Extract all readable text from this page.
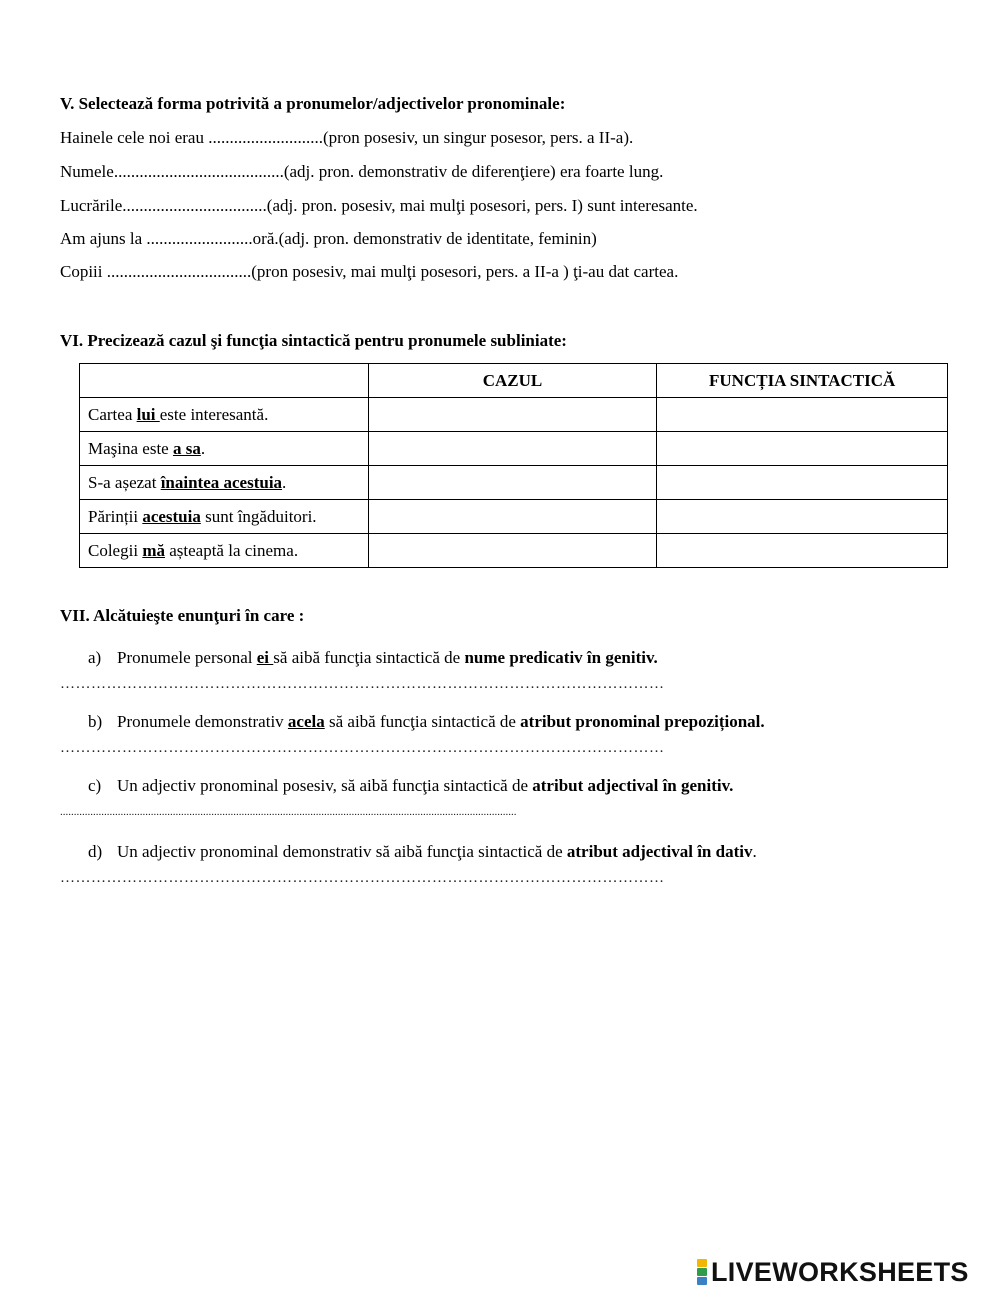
V. Selectează forma potrivită a pronumelor/adjectivelor pronominale:
Hainele cele noi erau ...........................(pron posesiv, un singur posesor, pers. a II-a).
Numele........................................(adj. pron. demonstrativ de diferenţiere) era foarte lung.
Lucrările..................................(adj. pron. posesiv, mai mulţi posesori, pers. I) sunt interesante.
Am ajuns la .........................oră.(adj. pron. demonstrativ de identitate, feminin)
Copiii ..................................(pron posesiv, mai mulţi posesori, pers. a II-a ) ţi-au dat cartea.
VI. Precizează cazul şi funcţia sintactică pentru pronumele subliniate:
	CAZUL	FUNCȚIA SINTACTICĂ
Cartea lui este interesantă.		
Maşina este a sa.		
S-a așezat înaintea acestuia.		
Părinții acestuia sunt îngăduitori.		
Colegii mă așteaptă la cinema.		
VII. Alcătuieşte enunţuri în care :
a) Pronumele personal ei să aibă funcţia sintactică de nume predicativ în genitiv.
………………………………………………………………………………………………………
b) Pronumele demonstrativ acela să aibă funcţia sintactică de atribut pronominal prepozițional.
………………………………………………………………………………………………………
c) Un adjectiv pronominal posesiv, să aibă funcţia sintactică de atribut adjectival în genitiv.
......................................................................................................................................................................
d) Un adjectiv pronominal demonstrativ să aibă funcţia sintactică de atribut adjectival în dativ.
………………………………………………………………………………………………………
LIVEWORKSHEETS
